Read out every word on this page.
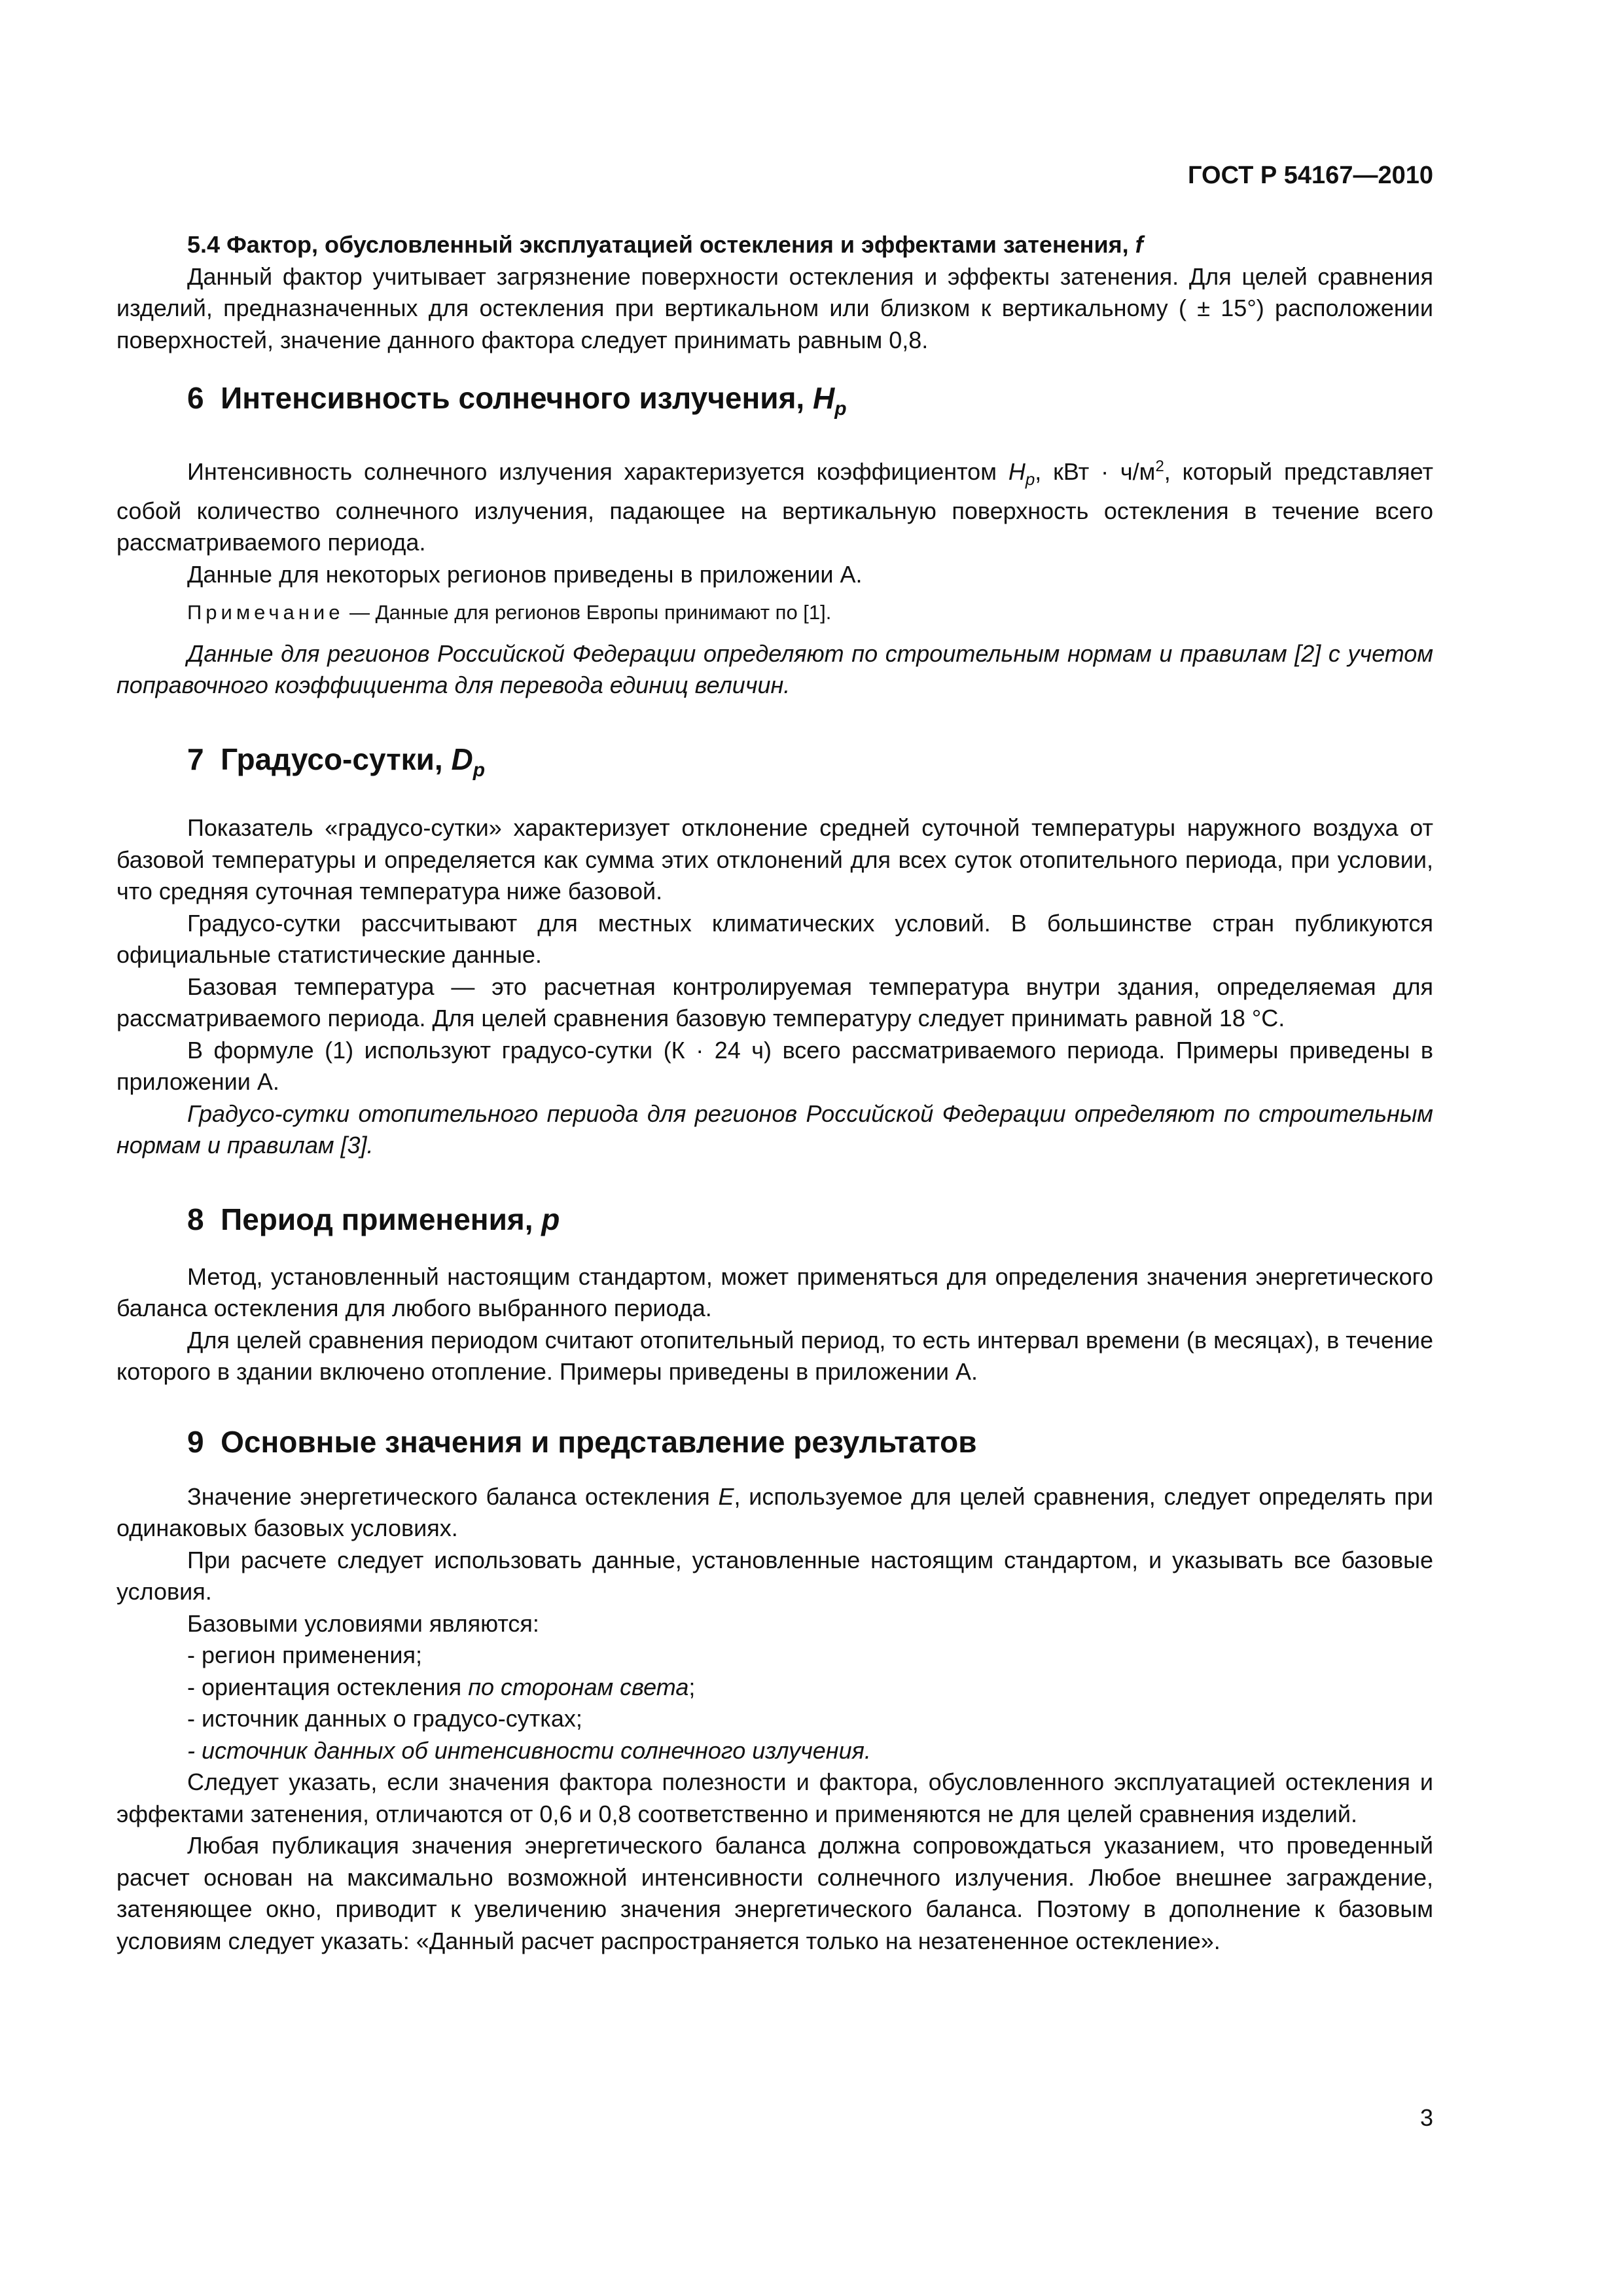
ГОСТ Р 54167—2010

5.4 Фактор, обусловленный эксплуатацией остекления и эффектами затенения, f

Данный фактор учитывает загрязнение поверхности остекления и эффекты затенения. Для целей сравнения изделий, предназначенных для остекления при вертикальном или близком к вертикальному ( ± 15°) расположении поверхностей, значение данного фактора следует принимать равным 0,8.

6 Интенсивность солнечного излучения, $H_p$

Интенсивность солнечного излучения характеризуется коэффициентом $H_p$, кВт · $ч/м^2$, который представляет собой количество солнечного излучения, падающее на вертикальную поверхность остекления в течение всего рассматриваемого периода.

Данные для некоторых регионов приведены в приложении А.

Примечание — Данные для регионов Европы принимают по [1].

Данные для регионов Российской Федерации определяют по строительным нормам и правилам [2] с учетом поправочного коэффициента для перевода единиц величин.

7 Градусо-сутки, $D_p$

Показатель «градусо-сутки» характеризует отклонение средней суточной температуры наружного воздуха от базовой температуры и определяется как сумма этих отклонений для всех суток отопительного периода, при условии, что средняя суточная температура ниже базовой.

Градусо-сутки рассчитывают для местных климатических условий. В большинстве стран публикуются официальные статистические данные.

Базовая температура — это расчетная контролируемая температура внутри здания, определяемая для рассматриваемого периода. Для целей сравнения базовую температуру следует принимать равной 18 °С.

В формуле (1) используют градусо-сутки (К · 24 ч) всего рассматриваемого периода. Примеры приведены в приложении А.

Градусо-сутки отопительного периода для регионов Российской Федерации определяют по строительным нормам и правилам [3].

8 Период применения, p

Метод, установленный настоящим стандартом, может применяться для определения значения энергетического баланса остекления для любого выбранного периода.

Для целей сравнения периодом считают отопительный период, то есть интервал времени (в месяцах), в течение которого в здании включено отопление. Примеры приведены в приложении А.

9 Основные значения и представление результатов

Значение энергетического баланса остекления E, используемое для целей сравнения, следует определять при одинаковых базовых условиях.

При расчете следует использовать данные, установленные настоящим стандартом, и указывать все базовые условия.

Базовыми условиями являются:

- регион применения;

- ориентация остекления по сторонам света;

- источник данных о градусо-сутках;

- источник данных об интенсивности солнечного излучения.

Следует указать, если значения фактора полезности и фактора, обусловленного эксплуатацией остекления и эффектами затенения, отличаются от 0,6 и 0,8 соответственно и применяются не для целей сравнения изделий.

Любая публикация значения энергетического баланса должна сопровождаться указанием, что проведенный расчет основан на максимально возможной интенсивности солнечного излучения. Любое внешнее заграждение, затеняющее окно, приводит к увеличению значения энергетического баланса. Поэтому в дополнение к базовым условиям следует указать: «Данный расчет распространяется только на незатененное остекление».

3
